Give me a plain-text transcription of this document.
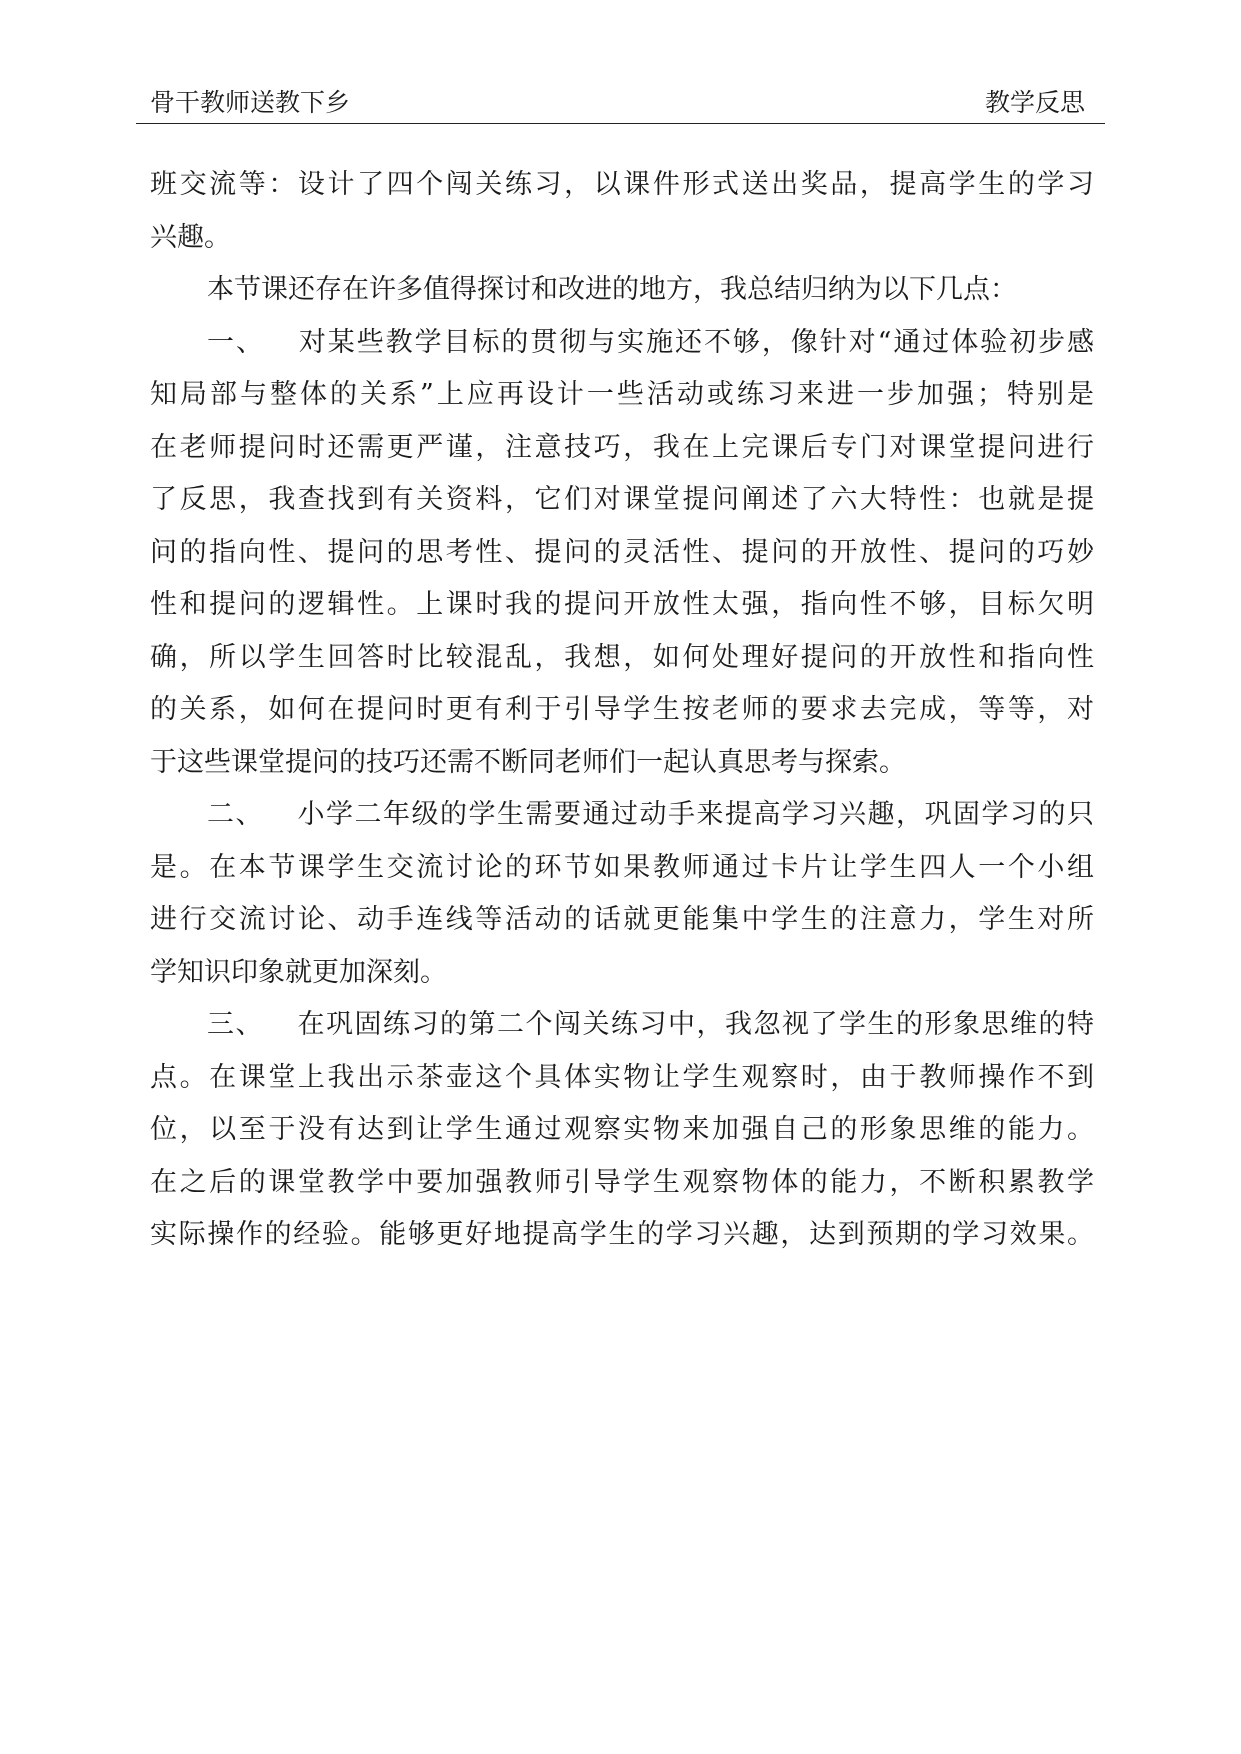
骨干教师送教下乡	教学反思
班交流等：设计了四个闯关练习，以课件形式送出奖品，提高学生的学习
兴趣。
本节课还存在许多值得探讨和改进的地方，我总结归纳为以下几点：
一、 对某些教学目标的贯彻与实施还不够，像针对“通过体验初步感
知局部与整体的关系”上应再设计一些活动或练习来进一步加强；特别是
在老师提问时还需更严谨，注意技巧，我在上完课后专门对课堂提问进行
了反思，我查找到有关资料，它们对课堂提问阐述了六大特性：也就是提
问的指向性、提问的思考性、提问的灵活性、提问的开放性、提问的巧妙
性和提问的逻辑性。上课时我的提问开放性太强，指向性不够，目标欠明
确，所以学生回答时比较混乱，我想，如何处理好提问的开放性和指向性
的关系，如何在提问时更有利于引导学生按老师的要求去完成，等等，对
于这些课堂提问的技巧还需不断同老师们一起认真思考与探索。
二、 小学二年级的学生需要通过动手来提高学习兴趣，巩固学习的只
是。在本节课学生交流讨论的环节如果教师通过卡片让学生四人一个小组
进行交流讨论、动手连线等活动的话就更能集中学生的注意力，学生对所
学知识印象就更加深刻。
三、 在巩固练习的第二个闯关练习中，我忽视了学生的形象思维的特
点。在课堂上我出示茶壶这个具体实物让学生观察时，由于教师操作不到
位，以至于没有达到让学生通过观察实物来加强自己的形象思维的能力。
在之后的课堂教学中要加强教师引导学生观察物体的能力，不断积累教学
实际操作的经验。能够更好地提高学生的学习兴趣，达到预期的学习效果。
